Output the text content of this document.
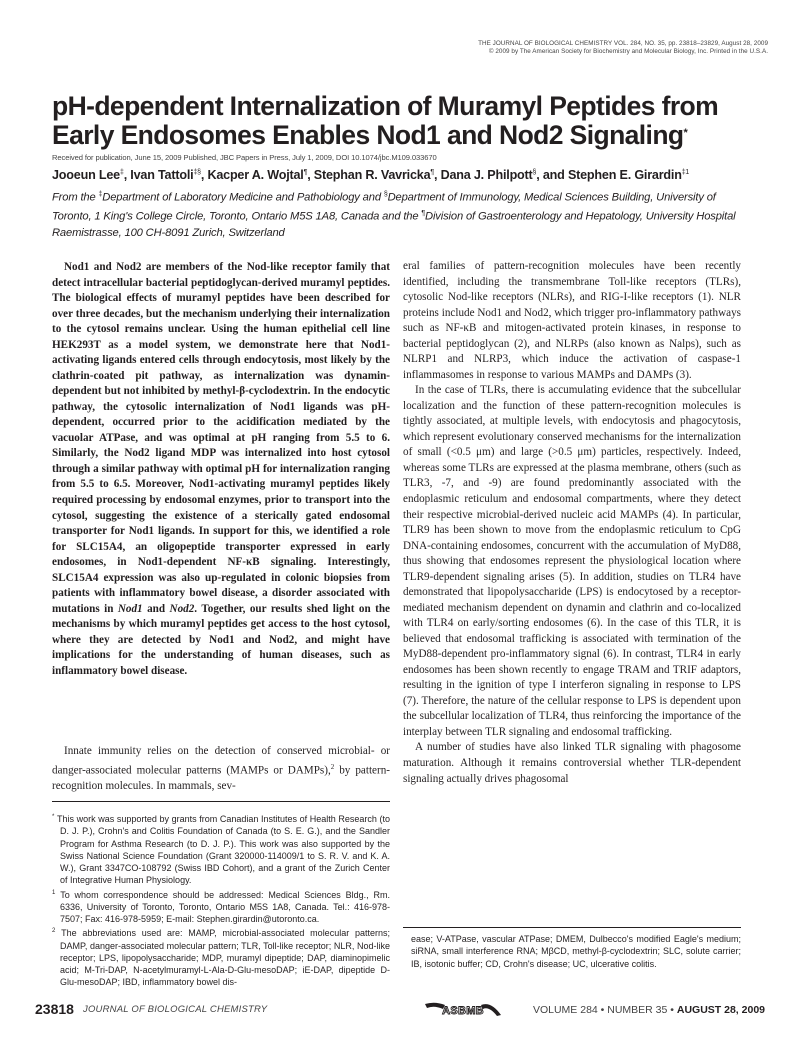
THE JOURNAL OF BIOLOGICAL CHEMISTRY VOL. 284, NO. 35, pp. 23818–23829, August 28, 2009
© 2009 by The American Society for Biochemistry and Molecular Biology, Inc. Printed in the U.S.A.
pH-dependent Internalization of Muramyl Peptides from
Early Endosomes Enables Nod1 and Nod2 Signaling*
Received for publication, June 15, 2009 Published, JBC Papers in Press, July 1, 2009, DOI 10.1074/jbc.M109.033670
Jooeun Lee‡, Ivan Tattoli‡§, Kacper A. Wojtal¶, Stephan R. Vavricka¶, Dana J. Philpott§, and Stephen E. Girardin$^{\ddagger 1}$
From the ‡Department of Laboratory Medicine and Pathobiology and §Department of Immunology, Medical Sciences Building, University of Toronto, 1 King's College Circle, Toronto, Ontario M5S 1A8, Canada and the ¶Division of Gastroenterology and Hepatology, University Hospital Raemistrasse, 100 CH-8091 Zurich, Switzerland

Nod1 and Nod2 are members of the Nod-like receptor family that detect intracellular bacterial peptidoglycan-derived muramyl peptides. The biological effects of muramyl peptides have been described for over three decades, but the mechanism underlying their internalization to the cytosol remains unclear. Using the human epithelial cell line HEK293T as a model system, we demonstrate here that Nod1-activating ligands entered cells through endocytosis, most likely by the clathrin-coated pit pathway, as internalization was dynamin-dependent but not inhibited by methyl-β-cyclodextrin. In the endocytic pathway, the cytosolic internalization of Nod1 ligands was pH-dependent, occurred prior to the acidification mediated by the vacuolar ATPase, and was optimal at pH ranging from 5.5 to 6. Similarly, the Nod2 ligand MDP was internalized into host cytosol through a similar pathway with optimal pH for internalization ranging from 5.5 to 6.5. Moreover, Nod1-activating muramyl peptides likely required processing by endosomal enzymes, prior to transport into the cytosol, suggesting the existence of a sterically gated endosomal transporter for Nod1 ligands. In support for this, we identified a role for SLC15A4, an oligopeptide transporter expressed in early endosomes, in Nod1-dependent NF-κB signaling. Interestingly, SLC15A4 expression was also up-regulated in colonic biopsies from patients with inflammatory bowel disease, a disorder associated with mutations in Nod1 and Nod2. Together, our results shed light on the mechanisms by which muramyl peptides get access to the host cytosol, where they are detected by Nod1 and Nod2, and might have implications for the understanding of human diseases, such as inflammatory bowel disease.

Innate immunity relies on the detection of conserved microbial- or danger-associated molecular patterns (MAMPs or DAMPs),$^2$ by pattern-recognition molecules. In mammals, sev-

* This work was supported by grants from Canadian Institutes of Health Research (to D. J. P.), Crohn's and Colitis Foundation of Canada (to S. E. G.), and the Sandler Program for Asthma Research (to D. J. P.). This work was also supported by the Swiss National Science Foundation (Grant 320000-114009/1 to S. R. V. and K. A. W.), Grant 3347CO-108792 (Swiss IBD Cohort), and a grant of the Zurich Center of Integrative Human Physiology.

$^1$ To whom correspondence should be addressed: Medical Sciences Bldg., Rm. 6336, University of Toronto, Toronto, Ontario M5S 1A8, Canada. Tel.: 416-978-7507; Fax: 416-978-5959; E-mail: Stephen.girardin@utoronto.ca.

$^2$ The abbreviations used are: MAMP, microbial-associated molecular patterns; DAMP, danger-associated molecular pattern; TLR, Toll-like receptor; NLR, Nod-like receptor; LPS, lipopolysaccharide; MDP, muramyl dipeptide; DAP, diaminopimelic acid; M-Tri-DAP, N-acetylmuramyl-L-Ala-D-Glu-mesoDAP; iE-DAP, dipeptide D-Glu-mesoDAP; IBD, inflammatory bowel dis-

eral families of pattern-recognition molecules have been recently identified, including the transmembrane Toll-like receptors (TLRs), cytosolic Nod-like receptors (NLRs), and RIG-I-like receptors (1). NLR proteins include Nod1 and Nod2, which trigger pro-inflammatory pathways such as NF-κB and mitogen-activated protein kinases, in response to bacterial peptidoglycan (2), and NLRPs (also known as Nalps), such as NLRP1 and NLRP3, which induce the activation of caspase-1 inflammasomes in response to various MAMPs and DAMPs (3).

In the case of TLRs, there is accumulating evidence that the subcellular localization and the function of these pattern-recognition molecules is tightly associated, at multiple levels, with endocytosis and phagocytosis, which represent evolutionary conserved mechanisms for the internalization of small (<0.5 μm) and large (>0.5 μm) particles, respectively. Indeed, whereas some TLRs are expressed at the plasma membrane, others (such as TLR3, -7, and -9) are found predominantly associated with the endoplasmic reticulum and endosomal compartments, where they detect their respective microbial-derived nucleic acid MAMPs (4). In particular, TLR9 has been shown to move from the endoplasmic reticulum to CpG DNA-containing endosomes, concurrent with the accumulation of MyD88, thus showing that endosomes represent the physiological location where TLR9-dependent signaling arises (5). In addition, studies on TLR4 have demonstrated that lipopolysaccharide (LPS) is endocytosed by a receptor-mediated mechanism dependent on dynamin and clathrin and co-localized with TLR4 on early/sorting endosomes (6). In the case of this TLR, it is believed that endosomal trafficking is associated with termination of the MyD88-dependent pro-inflammatory signal (6). In contrast, TLR4 in early endosomes has been shown recently to engage TRAM and TRIF adaptors, resulting in the ignition of type I interferon signaling in response to LPS (7). Therefore, the nature of the cellular response to LPS is dependent upon the subcellular localization of TLR4, thus reinforcing the importance of the interplay between TLR signaling and endosomal trafficking.

A number of studies have also linked TLR signaling with phagosome maturation. Although it remains controversial whether TLR-dependent signaling actually drives phagosomal

ease; V-ATPase, vascular ATPase; DMEM, Dulbecco's modified Eagle's medium; siRNA, small interference RNA; MβCD, methyl-β-cyclodextrin; SLC, solute carrier; IB, isotonic buffer; CD, Crohn's disease; UC, ulcerative colitis.
23818 JOURNAL OF BIOLOGICAL CHEMISTRY	ASBMB	VOLUME 284 • NUMBER 35 • AUGUST 28, 2009
